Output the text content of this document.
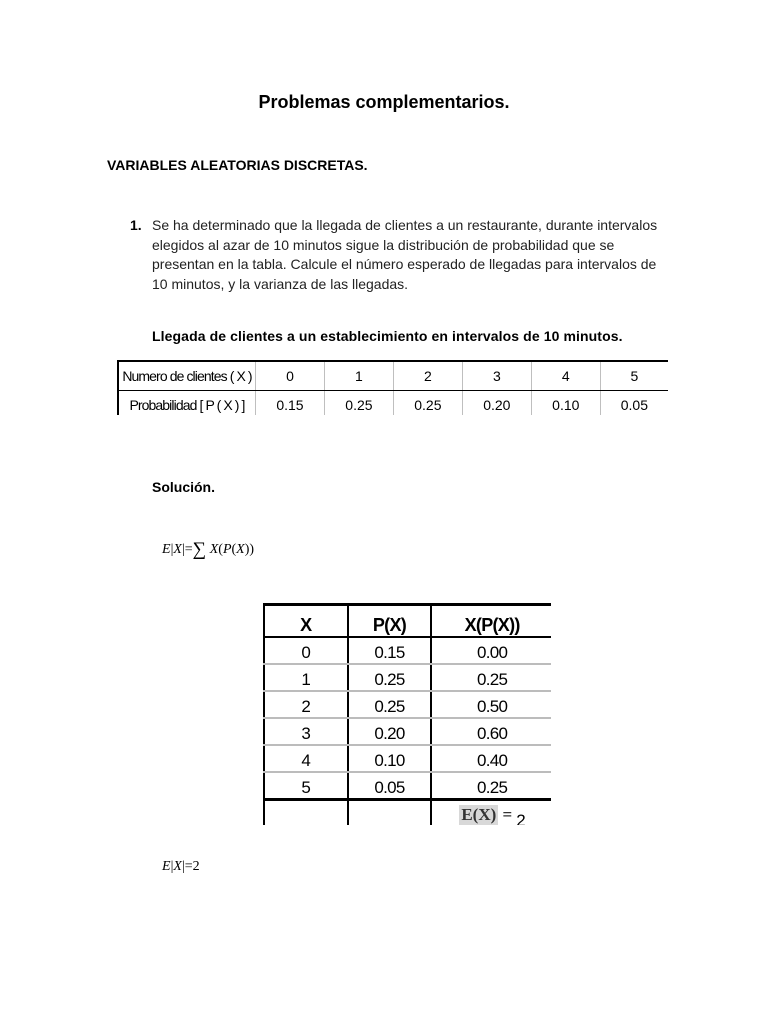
Problemas complementarios.
VARIABLES ALEATORIAS DISCRETAS.
1. Se ha determinado que la llegada de clientes a un restaurante, durante intervalos elegidos al azar de 10 minutos sigue la distribución de probabilidad que se presentan en la tabla. Calcule el número esperado de llegadas para intervalos de 10 minutos, y la varianza de las llegadas.
Llegada de clientes a un establecimiento en intervalos de 10 minutos.
Numero de clientes ( X )	0	1	2	3	4	5
Probabilidad [ P ( X ) ]	0.15	0.25	0.25	0.20	0.10	0.05
Solución.
E|X|=∑ X(P(X))
X	P(X)	X(P(X))
0	0.15	0.00
1	0.25	0.25
2	0.25	0.50
3	0.20	0.60
4	0.10	0.40
5	0.05	0.25
		E(X) = 2
E|X|=2
